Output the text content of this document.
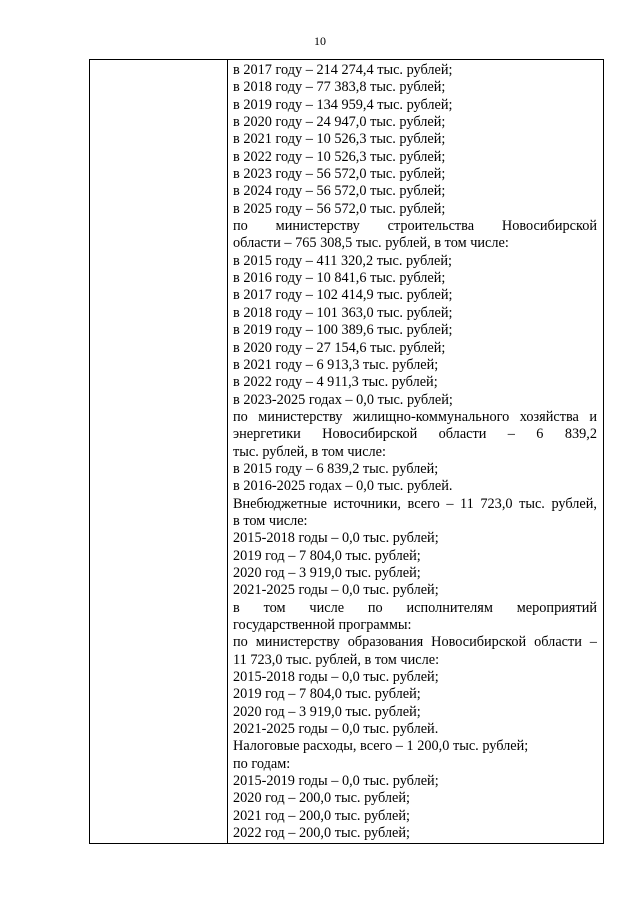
10
в 2017 году – 214 274,4 тыс. рублей;
в 2018 году – 77 383,8 тыс. рублей;
в 2019 году – 134 959,4 тыс. рублей;
в 2020 году – 24 947,0 тыс. рублей;
в 2021 году – 10 526,3 тыс. рублей;
в 2022 году – 10 526,3 тыс. рублей;
в 2023 году – 56 572,0 тыс. рублей;
в 2024 году – 56 572,0 тыс. рублей;
в 2025 году – 56 572,0 тыс. рублей;
по министерству строительства Новосибирской
области – 765 308,5 тыс. рублей, в том числе:
в 2015 году – 411 320,2 тыс. рублей;
в 2016 году – 10 841,6 тыс. рублей;
в 2017 году – 102 414,9 тыс. рублей;
в 2018 году – 101 363,0 тыс. рублей;
в 2019 году – 100 389,6 тыс. рублей;
в 2020 году – 27 154,6 тыс. рублей;
в 2021 году – 6 913,3 тыс. рублей;
в 2022 году – 4 911,3 тыс. рублей;
в 2023-2025 годах – 0,0 тыс. рублей;
по министерству жилищно-коммунального хозяйства и
энергетики Новосибирской области – 6 839,2
тыс. рублей, в том числе:
в 2015 году – 6 839,2 тыс. рублей;
в 2016-2025 годах – 0,0 тыс. рублей.
Внебюджетные источники, всего – 11 723,0 тыс. рублей,
в том числе:
2015-2018 годы – 0,0 тыс. рублей;
2019 год – 7 804,0 тыс. рублей;
2020 год – 3 919,0 тыс. рублей;
2021-2025 годы – 0,0 тыс. рублей;
в том числе по исполнителям мероприятий
государственной программы:
по министерству образования Новосибирской области –
11 723,0 тыс. рублей, в том числе:
2015-2018 годы – 0,0 тыс. рублей;
2019 год – 7 804,0 тыс. рублей;
2020 год – 3 919,0 тыс. рублей;
2021-2025 годы – 0,0 тыс. рублей.
Налоговые расходы, всего – 1 200,0 тыс. рублей;
по годам:
2015-2019 годы – 0,0 тыс. рублей;
2020 год – 200,0 тыс. рублей;
2021 год – 200,0 тыс. рублей;
2022 год – 200,0 тыс. рублей;
